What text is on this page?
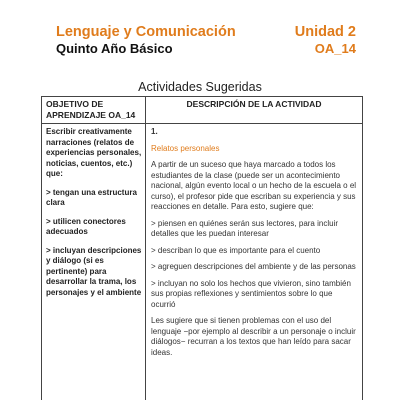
Lenguaje y Comunicación
Quinto Año Básico
Unidad 2
OA_14
Actividades Sugeridas
OBJETIVO DE APRENDIZAJE OA_14
DESCRIPCIÓN DE LA ACTIVIDAD

Escribir creativamente narraciones (relatos de experiencias personales, noticias, cuentos, etc.) que:

> tengan una estructura clara

> utilicen conectores adecuados

> incluyan descripciones y diálogo (si es pertinente) para desarrollar la trama, los personajes y el ambiente

1.
Relatos personales

A partir de un suceso que haya marcado a todos los estudiantes de la clase (puede ser un acontecimiento nacional, algún evento local o un hecho de la escuela o el curso), el profesor pide que escriban su experiencia y sus reacciones en detalle. Para esto, sugiere que:

> piensen en quiénes serán sus lectores, para incluir detalles que les puedan interesar

> describan lo que es importante para el cuento

> agreguen descripciones del ambiente y de las personas

> incluyan no solo los hechos que vivieron, sino también sus propias reflexiones y sentimientos sobre lo que ocurrió

Les sugiere que si tienen problemas con el uso del lenguaje −por ejemplo al describir a un personaje o incluir diálogos− recurran a los textos que han leído para sacar ideas.
